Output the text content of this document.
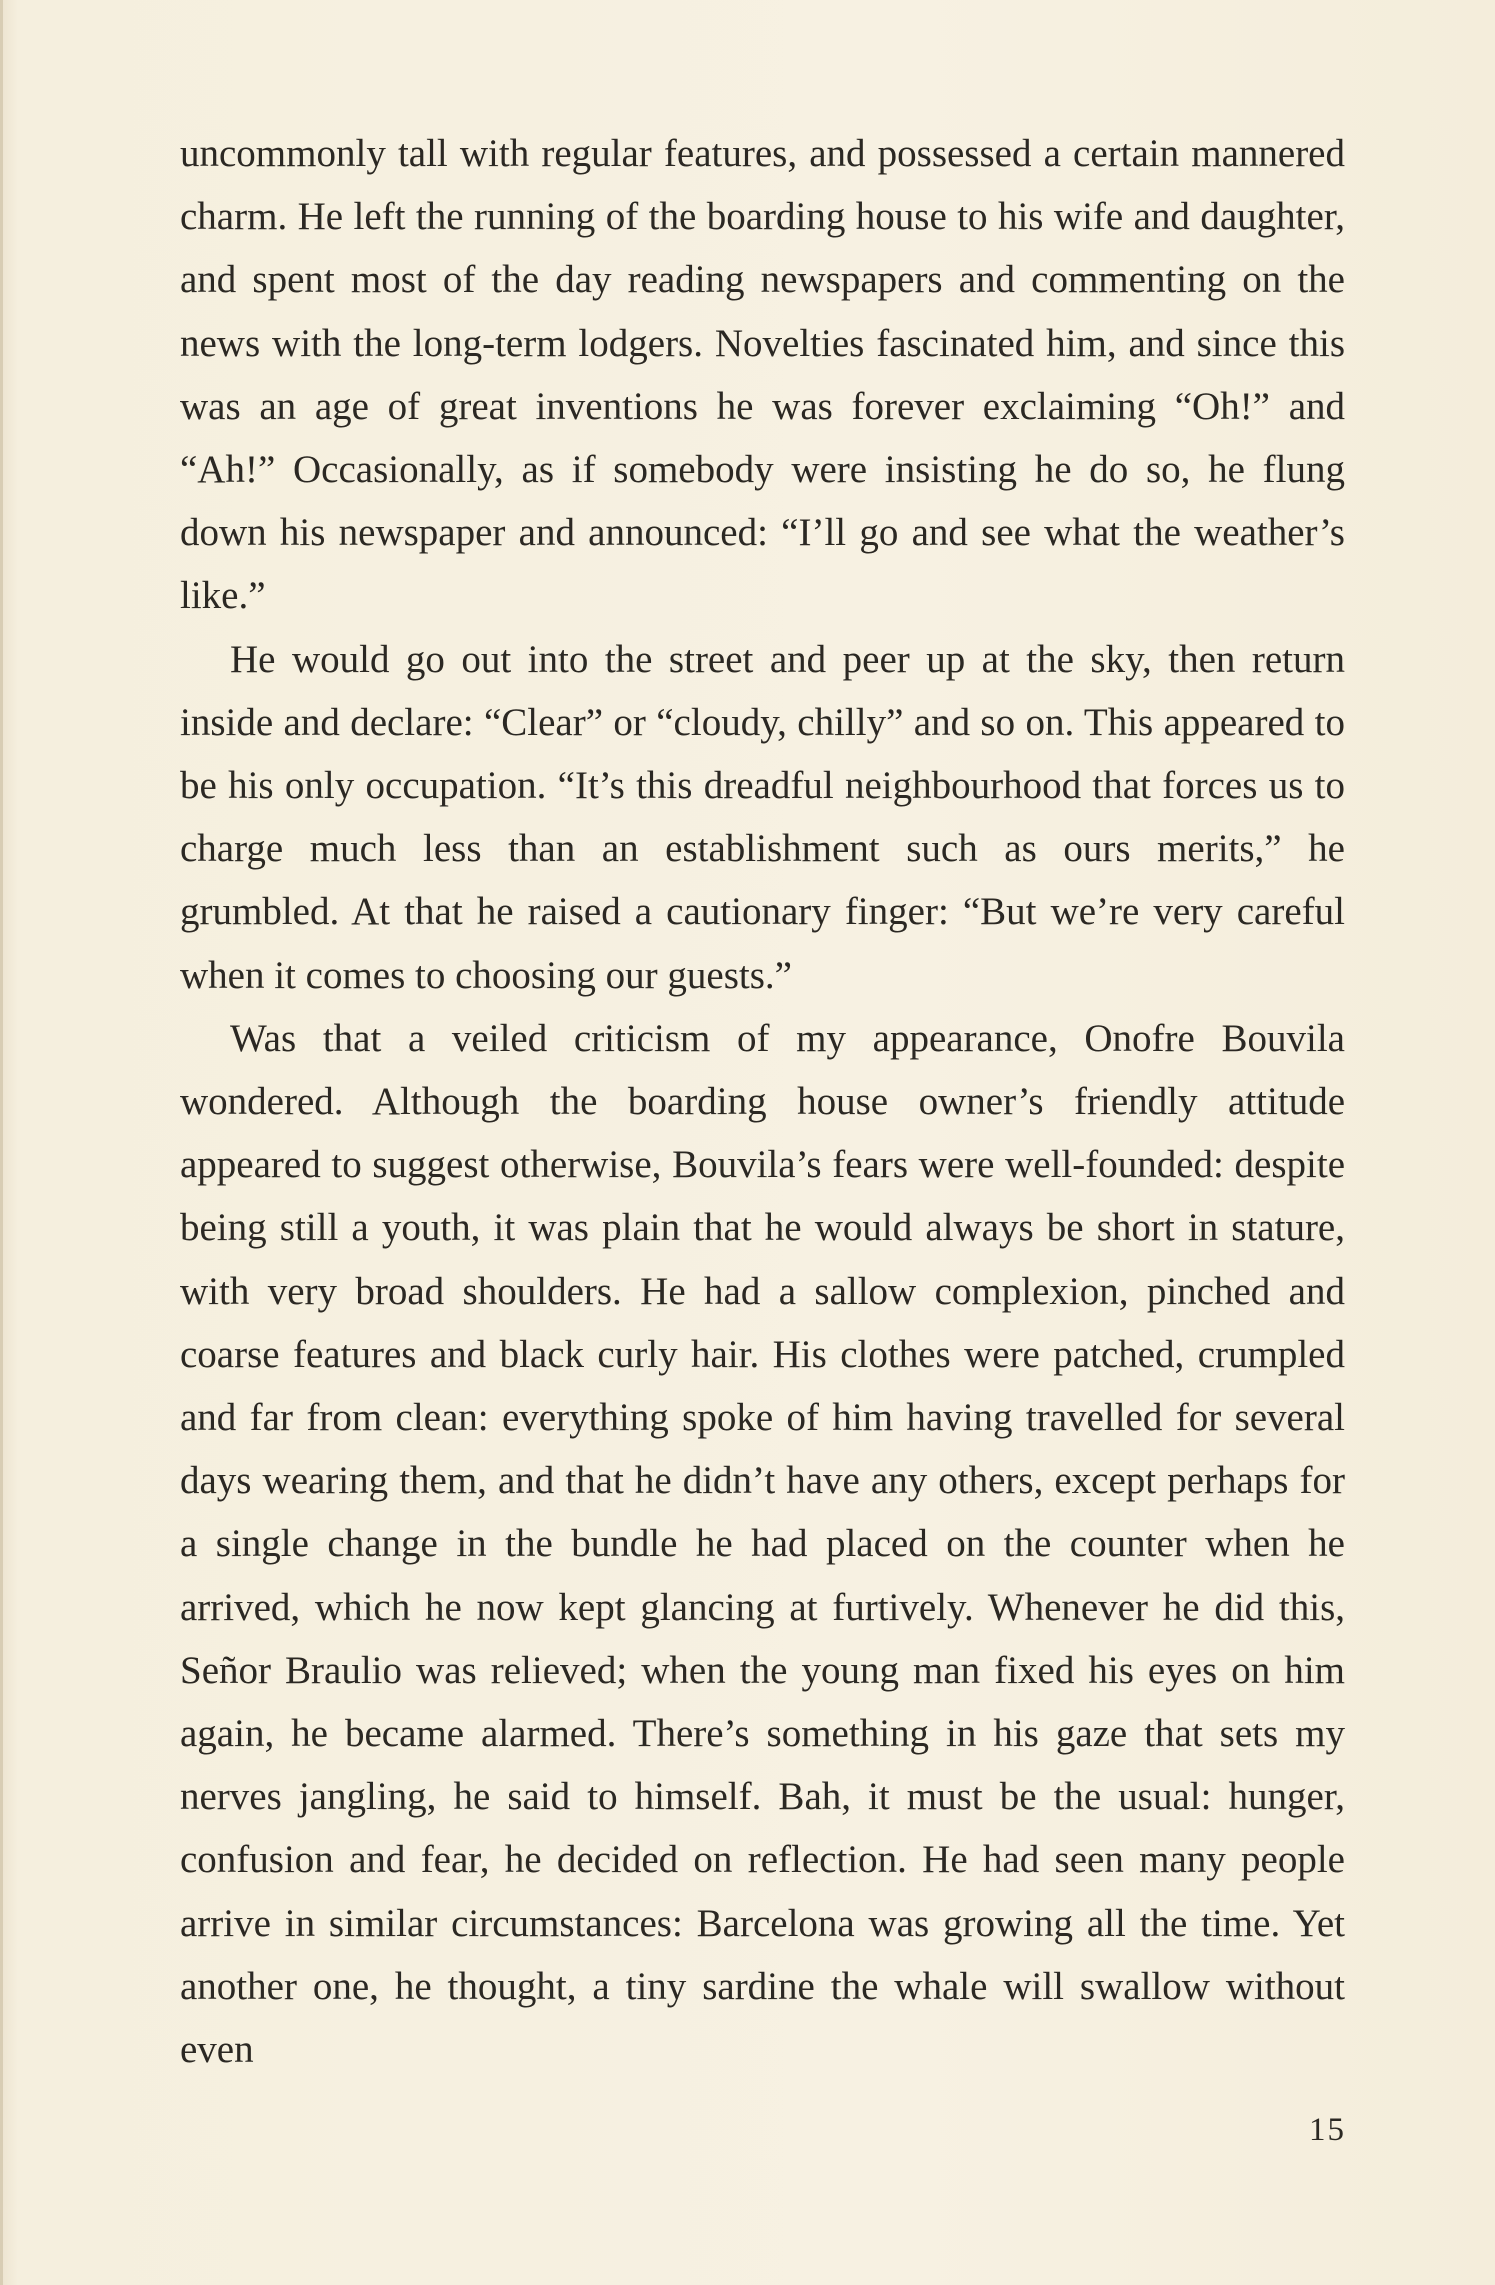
uncommonly tall with regular features, and possessed a certain mannered charm. He left the running of the boarding house to his wife and daughter, and spent most of the day reading newspapers and commenting on the news with the long-term lodgers. Novelties fascinated him, and since this was an age of great inventions he was forever exclaiming “Oh!” and “Ah!” Occasionally, as if somebody were insisting he do so, he flung down his newspaper and announced: “I’ll go and see what the weather’s like.”

He would go out into the street and peer up at the sky, then return inside and declare: “Clear” or “cloudy, chilly” and so on. This appeared to be his only occupation. “It’s this dreadful neighbourhood that forces us to charge much less than an establishment such as ours merits,” he grumbled. At that he raised a cautionary finger: “But we’re very careful when it comes to choosing our guests.”

Was that a veiled criticism of my appearance, Onofre Bouvila wondered. Although the boarding house owner’s friendly attitude appeared to suggest otherwise, Bouvila’s fears were well-founded: despite being still a youth, it was plain that he would always be short in stature, with very broad shoulders. He had a sallow complexion, pinched and coarse features and black curly hair. His clothes were patched, crumpled and far from clean: everything spoke of him having travelled for several days wearing them, and that he didn’t have any others, except perhaps for a single change in the bundle he had placed on the counter when he arrived, which he now kept glancing at furtively. Whenever he did this, Señor Braulio was relieved; when the young man fixed his eyes on him again, he became alarmed. There’s something in his gaze that sets my nerves jangling, he said to himself. Bah, it must be the usual: hunger, confusion and fear, he decided on reflection. He had seen many people arrive in similar circumstances: Barcelona was growing all the time. Yet another one, he thought, a tiny sardine the whale will swallow without even

15
